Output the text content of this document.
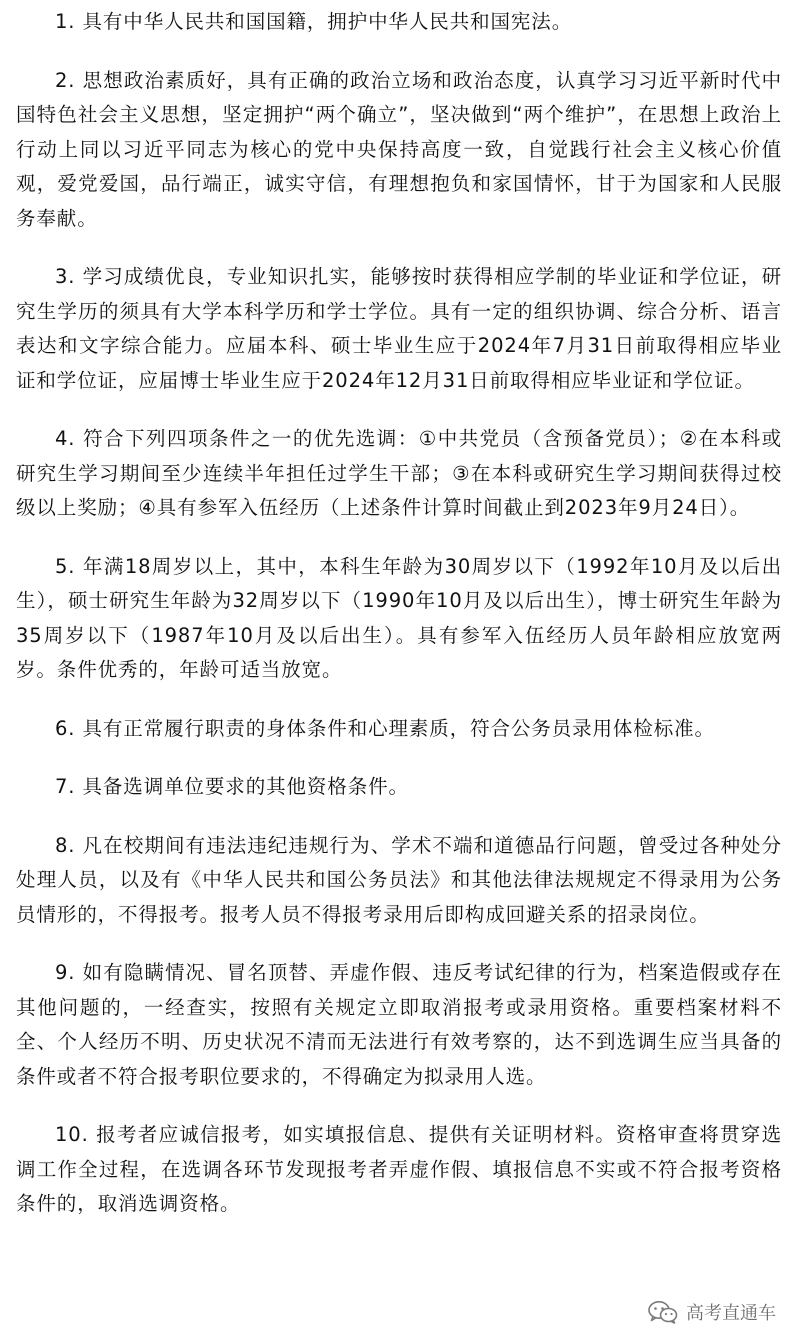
1. 具有中华人民共和国国籍，拥护中华人民共和国宪法。

2. 思想政治素质好，具有正确的政治立场和政治态度，认真学习习近平新时代中国特色社会主义思想，坚定拥护“两个确立”，坚决做到“两个维护”，在思想上政治上行动上同以习近平同志为核心的党中央保持高度一致，自觉践行社会主义核心价值观，爱党爱国，品行端正，诚实守信，有理想抱负和家国情怀，甘于为国家和人民服务奉献。

3. 学习成绩优良，专业知识扎实，能够按时获得相应学制的毕业证和学位证，研究生学历的须具有大学本科学历和学士学位。具有一定的组织协调、综合分析、语言表达和文字综合能力。应届本科、硕士毕业生应于2024年7月31日前取得相应毕业证和学位证，应届博士毕业生应于2024年12月31日前取得相应毕业证和学位证。

4. 符合下列四项条件之一的优先选调：①中共党员（含预备党员）；②在本科或研究生学习期间至少连续半年担任过学生干部；③在本科或研究生学习期间获得过校级以上奖励；④具有参军入伍经历（上述条件计算时间截止到2023年9月24日）。

5. 年满18周岁以上，其中，本科生年龄为30周岁以下（1992年10月及以后出生），硕士研究生年龄为32周岁以下（1990年10月及以后出生），博士研究生年龄为35周岁以下（1987年10月及以后出生）。具有参军入伍经历人员年龄相应放宽两岁。条件优秀的，年龄可适当放宽。

6. 具有正常履行职责的身体条件和心理素质，符合公务员录用体检标准。

7. 具备选调单位要求的其他资格条件。

8. 凡在校期间有违法违纪违规行为、学术不端和道德品行问题，曾受过各种处分处理人员，以及有《中华人民共和国公务员法》和其他法律法规规定不得录用为公务员情形的，不得报考。报考人员不得报考录用后即构成回避关系的招录岗位。

9. 如有隐瞒情况、冒名顶替、弄虚作假、违反考试纪律的行为，档案造假或存在其他问题的，一经查实，按照有关规定立即取消报考或录用资格。重要档案材料不全、个人经历不明、历史状况不清而无法进行有效考察的，达不到选调生应当具备的条件或者不符合报考职位要求的，不得确定为拟录用人选。

10. 报考者应诚信报考，如实填报信息、提供有关证明材料。资格审查将贯穿选调工作全过程，在选调各环节发现报考者弄虚作假、填报信息不实或不符合报考资格条件的，取消选调资格。

高考直通车
